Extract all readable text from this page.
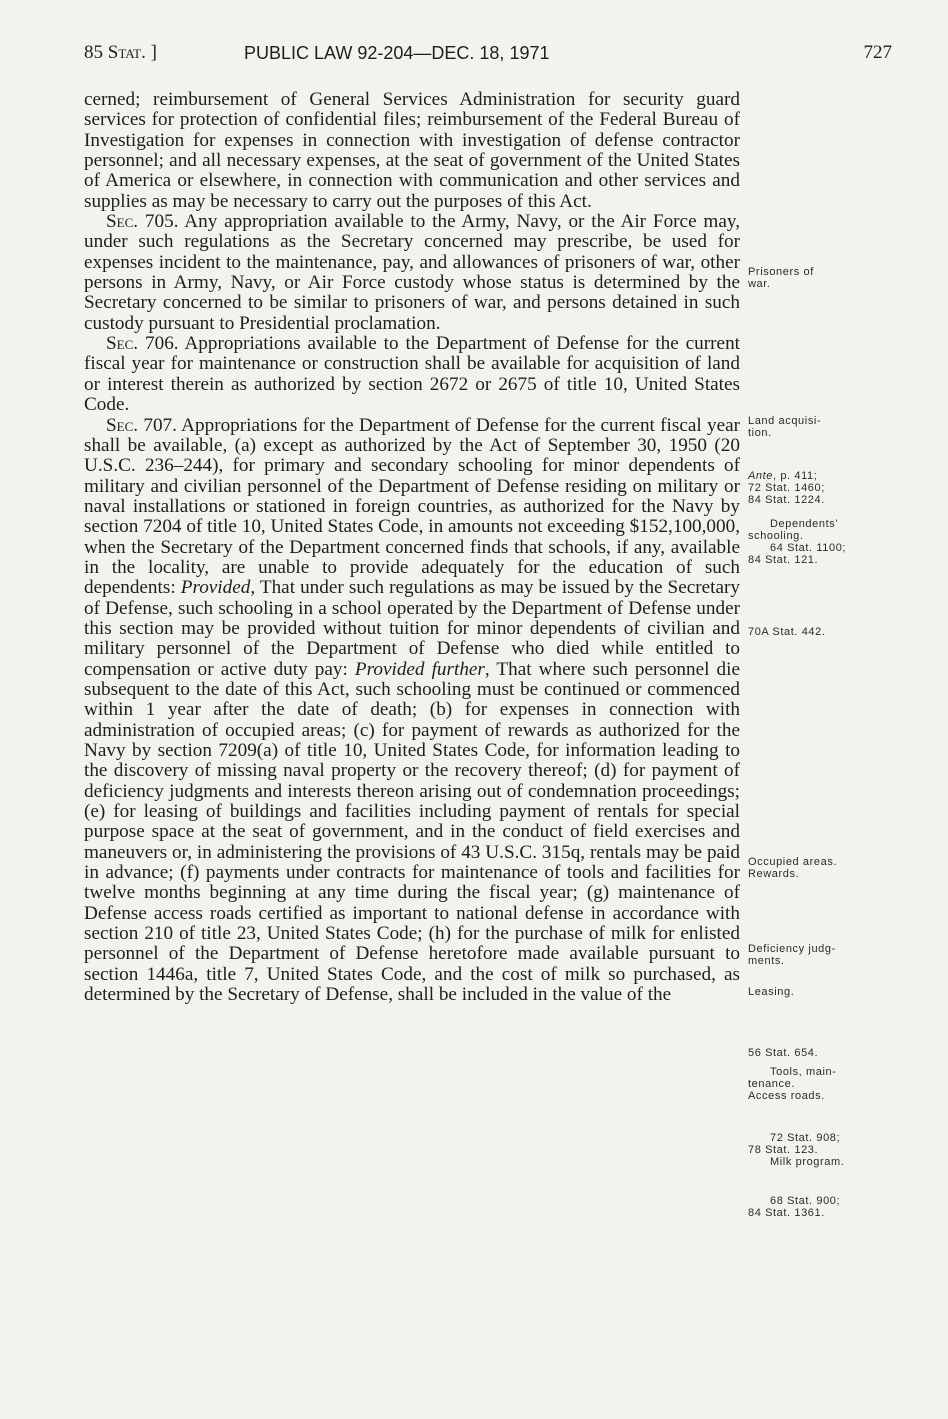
85 Stat. ]	PUBLIC LAW 92-204—DEC. 18, 1971	727

cerned; reimbursement of General Services Administration for security guard services for protection of confidential files; reimbursement of the Federal Bureau of Investigation for expenses in connection with investigation of defense contractor personnel; and all necessary expenses, at the seat of government of the United States of America or elsewhere, in connection with communication and other services and supplies as may be necessary to carry out the purposes of this Act.

Sec. 705. Any appropriation available to the Army, Navy, or the Air Force may, under such regulations as the Secretary concerned may prescribe, be used for expenses incident to the maintenance, pay, and allowances of prisoners of war, other persons in Army, Navy, or Air Force custody whose status is determined by the Secretary concerned to be similar to prisoners of war, and persons detained in such custody pursuant to Presidential proclamation.

Sec. 706. Appropriations available to the Department of Defense for the current fiscal year for maintenance or construction shall be available for acquisition of land or interest therein as authorized by section 2672 or 2675 of title 10, United States Code.

Sec. 707. Appropriations for the Department of Defense for the current fiscal year shall be available, (a) except as authorized by the Act of September 30, 1950 (20 U.S.C. 236–244), for primary and secondary schooling for minor dependents of military and civilian personnel of the Department of Defense residing on military or naval installations or stationed in foreign countries, as authorized for the Navy by section 7204 of title 10, United States Code, in amounts not exceeding $152,100,000, when the Secretary of the Department concerned finds that schools, if any, available in the locality, are unable to provide adequately for the education of such dependents: Provided, That under such regulations as may be issued by the Secretary of Defense, such schooling in a school operated by the Department of Defense under this section may be provided without tuition for minor dependents of civilian and military personnel of the Department of Defense who died while entitled to compensation or active duty pay: Provided further, That where such personnel die subsequent to the date of this Act, such schooling must be continued or commenced within 1 year after the date of death; (b) for expenses in connection with administration of occupied areas; (c) for payment of rewards as authorized for the Navy by section 7209(a) of title 10, United States Code, for information leading to the discovery of missing naval property or the recovery thereof; (d) for payment of deficiency judgments and interests thereon arising out of condemnation proceedings; (e) for leasing of buildings and facilities including payment of rentals for special purpose space at the seat of government, and in the conduct of field exercises and maneuvers or, in administering the provisions of 43 U.S.C. 315q, rentals may be paid in advance; (f) payments under contracts for maintenance of tools and facilities for twelve months beginning at any time during the fiscal year; (g) maintenance of Defense access roads certified as important to national defense in accordance with section 210 of title 23, United States Code; (h) for the purchase of milk for enlisted personnel of the Department of Defense heretofore made available pursuant to section 1446a, title 7, United States Code, and the cost of milk so purchased, as determined by the Secretary of Defense, shall be included in the value of the

Prisoners of
war.
Land acquisi-
tion.
Ante, p. 411;
72 Stat. 1460;
84 Stat. 1224.
Dependents'
schooling.
64 Stat. 1100;
84 Stat. 121.
70A Stat. 442.
Occupied areas.
Rewards.
Deficiency judg-
ments.
Leasing.
56 Stat. 654.
Tools, main-
tenance.
Access roads.
72 Stat. 908;
78 Stat. 123.
Milk program.
68 Stat. 900;
84 Stat. 1361.
